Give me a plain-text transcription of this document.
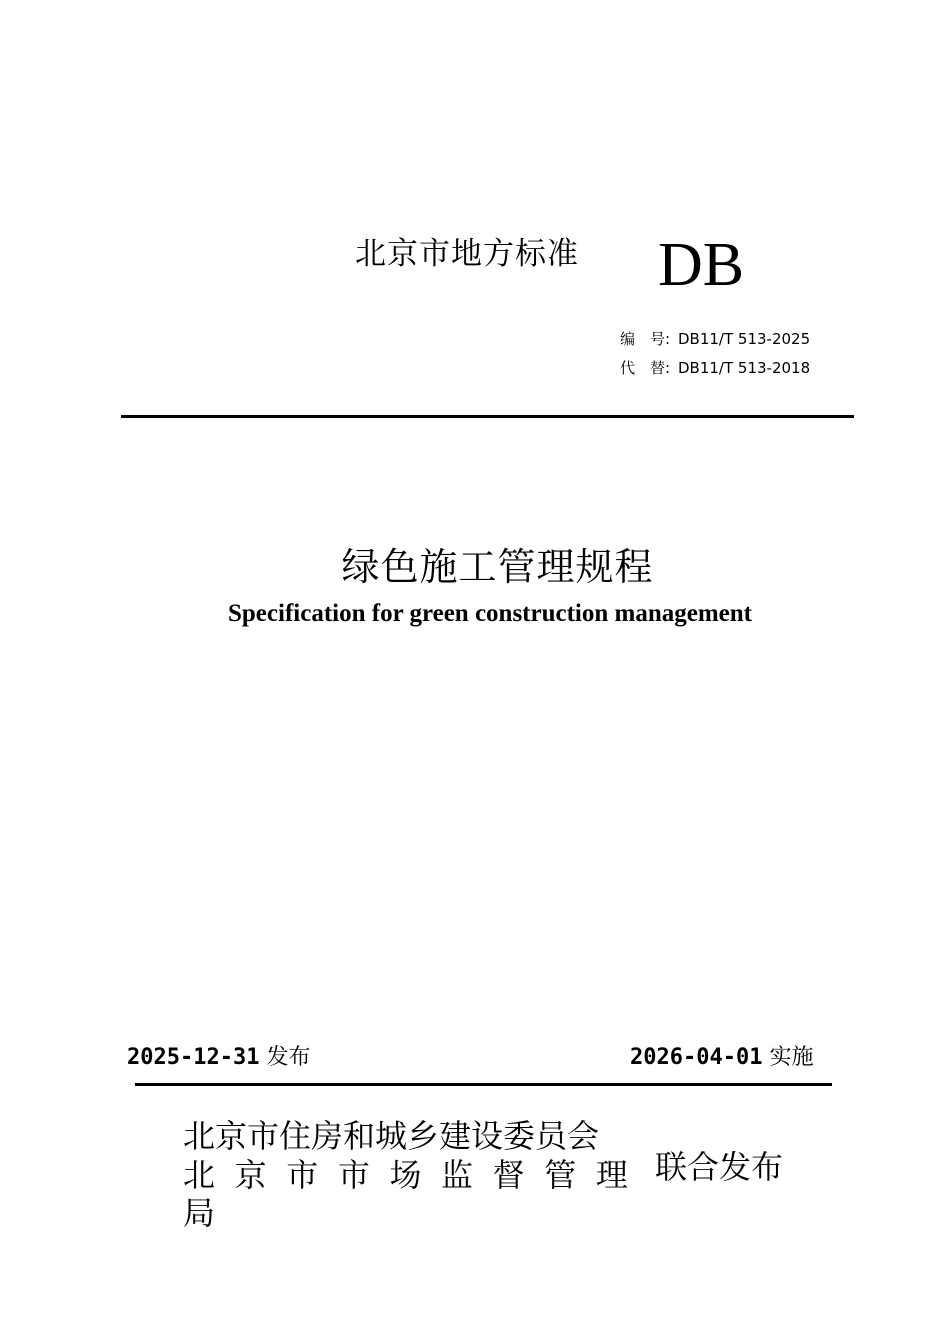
北京市地方标准 DB
编　号: DB11/T 513-2025
代　替: DB11/T 513-2018
绿色施工管理规程
Specification for green construction management
2025-12-31 发布	2026-04-01 实施
北京市住房和城乡建设委员会
北 京 市 市 场 监 督 管 理
局
联合发布
